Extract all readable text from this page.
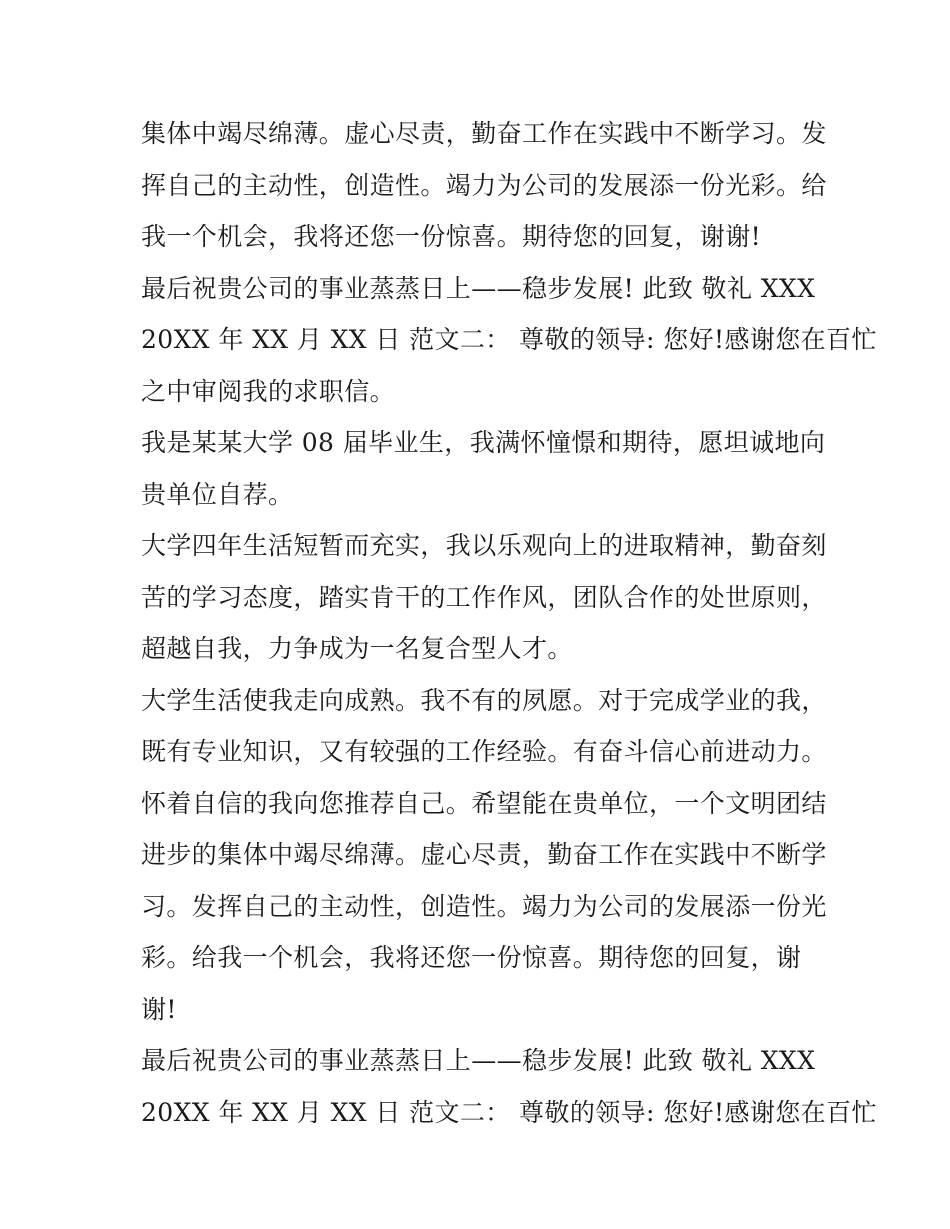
集体中竭尽绵薄。虚心尽责，勤奋工作在实践中不断学习。发
挥自己的主动性，创造性。竭力为公司的发展添一份光彩。给
我一个机会，我将还您一份惊喜。期待您的回复，谢谢!
最后祝贵公司的事业蒸蒸日上——稳步发展! 此致 敬礼 XXX
20XX 年 XX 月 XX 日 范文二： 尊敬的领导: 您好!感谢您在百忙
之中审阅我的求职信。
我是某某大学 08 届毕业生，我满怀憧憬和期待，愿坦诚地向
贵单位自荐。
大学四年生活短暂而充实，我以乐观向上的进取精神，勤奋刻
苦的学习态度，踏实肯干的工作作风，团队合作的处世原则，
超越自我，力争成为一名复合型人才。
大学生活使我走向成熟。我不有的夙愿。对于完成学业的我，
既有专业知识，又有较强的工作经验。有奋斗信心前进动力。
怀着自信的我向您推荐自己。希望能在贵单位，一个文明团结
进步的集体中竭尽绵薄。虚心尽责，勤奋工作在实践中不断学
习。发挥自己的主动性，创造性。竭力为公司的发展添一份光
彩。给我一个机会，我将还您一份惊喜。期待您的回复，谢
谢!
最后祝贵公司的事业蒸蒸日上——稳步发展! 此致 敬礼 XXX
20XX 年 XX 月 XX 日 范文二： 尊敬的领导: 您好!感谢您在百忙
